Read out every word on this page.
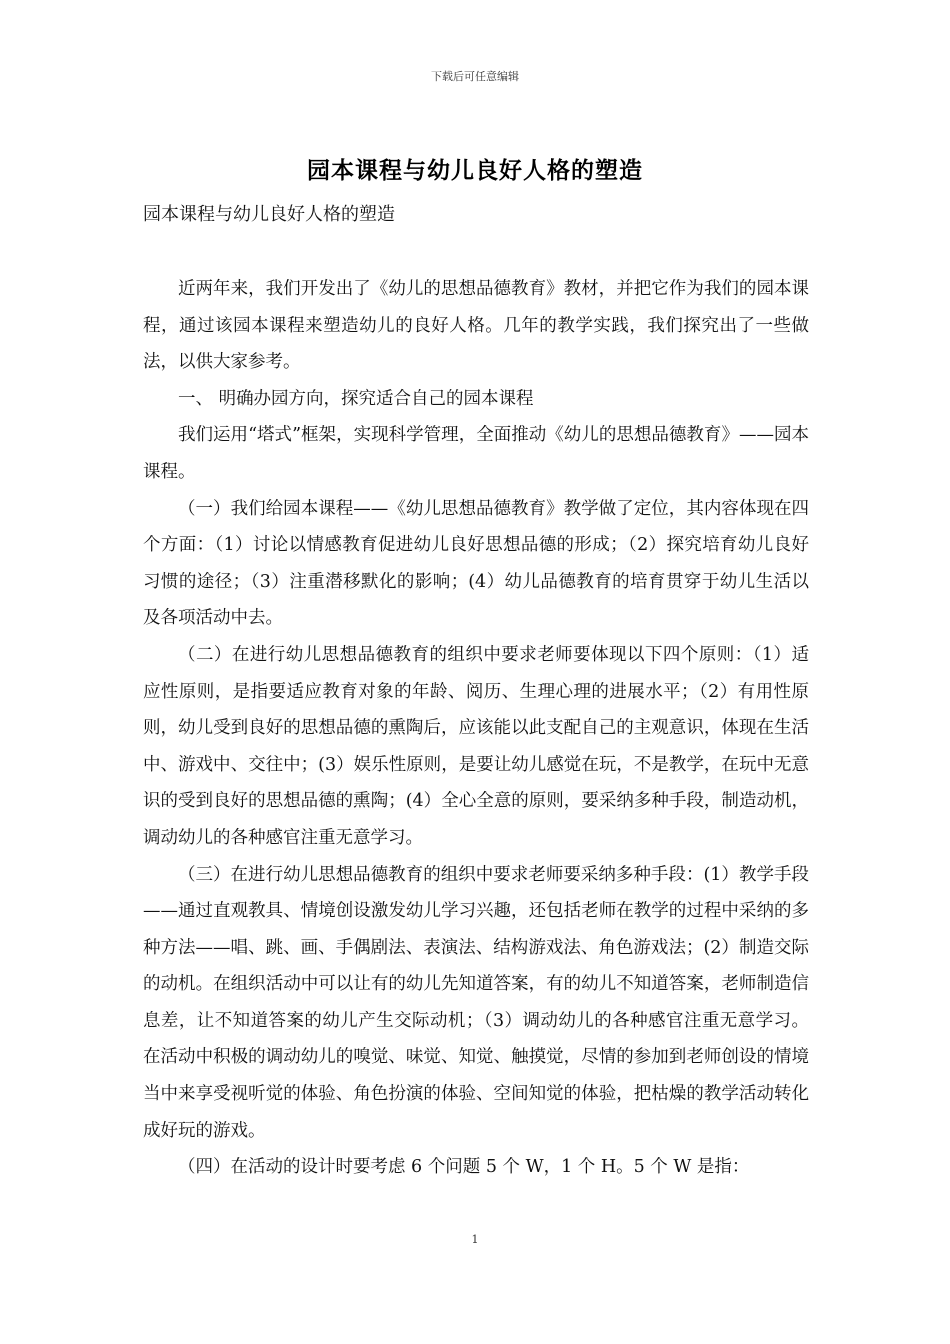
下载后可任意编辑
园本课程与幼儿良好人格的塑造
园本课程与幼儿良好人格的塑造

近两年来，我们开发出了《幼儿的思想品德教育》教材，并把它作为我们的园本课程，通过该园本课程来塑造幼儿的良好人格。几年的教学实践，我们探究出了一些做法，以供大家参考。

一、 明确办园方向，探究适合自己的园本课程

我们运用“塔式”框架，实现科学管理，全面推动《幼儿的思想品德教育》——园本课程。

（一）我们给园本课程——《幼儿思想品德教育》教学做了定位，其内容体现在四个方面：（1）讨论以情感教育促进幼儿良好思想品德的形成；（2）探究培育幼儿良好习惯的途径；（3）注重潜移默化的影响；(4）幼儿品德教育的培育贯穿于幼儿生活以及各项活动中去。

（二）在进行幼儿思想品德教育的组织中要求老师要体现以下四个原则：（1）适应性原则，是指要适应教育对象的年龄、阅历、生理心理的进展水平；（2）有用性原则，幼儿受到良好的思想品德的熏陶后，应该能以此支配自己的主观意识，体现在生活中、游戏中、交往中；(3）娱乐性原则，是要让幼儿感觉在玩，不是教学，在玩中无意识的受到良好的思想品德的熏陶；(4）全心全意的原则，要采纳多种手段，制造动机，调动幼儿的各种感官注重无意学习。

（三）在进行幼儿思想品德教育的组织中要求老师要采纳多种手段：(1）教学手段——通过直观教具、情境创设激发幼儿学习兴趣，还包括老师在教学的过程中采纳的多种方法——唱、跳、画、手偶剧法、表演法、结构游戏法、角色游戏法；(2）制造交际的动机。在组织活动中可以让有的幼儿先知道答案，有的幼儿不知道答案，老师制造信息差，让不知道答案的幼儿产生交际动机；（3）调动幼儿的各种感官注重无意学习。在活动中积极的调动幼儿的嗅觉、味觉、知觉、触摸觉，尽情的参加到老师创设的情境当中来享受视听觉的体验、角色扮演的体验、空间知觉的体验，把枯燥的教学活动转化成好玩的游戏。

（四）在活动的设计时要考虑 6 个问题 5 个 W，1 个 H。5 个 W 是指：

1
